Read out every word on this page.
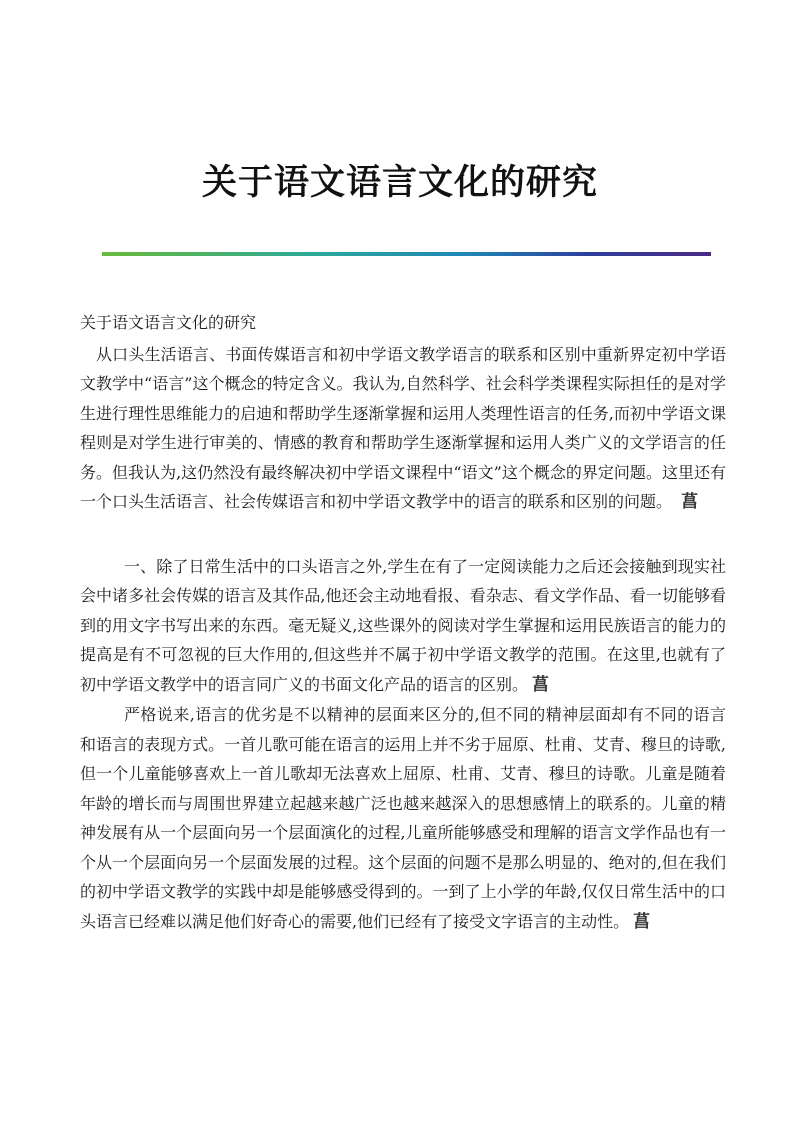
关于语文语言文化的研究

关于语文语言文化的研究

从口头生活语言、书面传媒语言和初中学语文教学语言的联系和区别中重新界定初中学语文教学中“语言”这个概念的特定含义。我认为,自然科学、社会科学类课程实际担任的是对学生进行理性思维能力的启迪和帮助学生逐渐掌握和运用人类理性语言的任务,而初中学语文课程则是对学生进行审美的、情感的教育和帮助学生逐渐掌握和运用人类广义的文学语言的任务。但我认为,这仍然没有最终解决初中学语文课程中“语文”这个概念的界定问题。这里还有一个口头生活语言、社会传媒语言和初中学语文教学中的语言的联系和区别的问题。 菖

一、除了日常生活中的口头语言之外,学生在有了一定阅读能力之后还会接触到现实社会中诸多社会传媒的语言及其作品,他还会主动地看报、看杂志、看文学作品、看一切能够看到的用文字书写出来的东西。毫无疑义,这些课外的阅读对学生掌握和运用民族语言的能力的提高是有不可忽视的巨大作用的,但这些并不属于初中学语文教学的范围。在这里,也就有了初中学语文教学中的语言同广义的书面文化产品的语言的区别。 菖

严格说来,语言的优劣是不以精神的层面来区分的,但不同的精神层面却有不同的语言和语言的表现方式。一首儿歌可能在语言的运用上并不劣于屈原、杜甫、艾青、穆旦的诗歌,但一个儿童能够喜欢上一首儿歌却无法喜欢上屈原、杜甫、艾青、穆旦的诗歌。儿童是随着年龄的增长而与周围世界建立起越来越广泛也越来越深入的思想感情上的联系的。儿童的精神发展有从一个层面向另一个层面演化的过程,儿童所能够感受和理解的语言文学作品也有一个从一个层面向另一个层面发展的过程。这个层面的问题不是那么明显的、绝对的,但在我们的初中学语文教学的实践中却是能够感受得到的。一到了上小学的年龄,仅仅日常生活中的口头语言已经难以满足他们好奇心的需要,他们已经有了接受文字语言的主动性。 菖
